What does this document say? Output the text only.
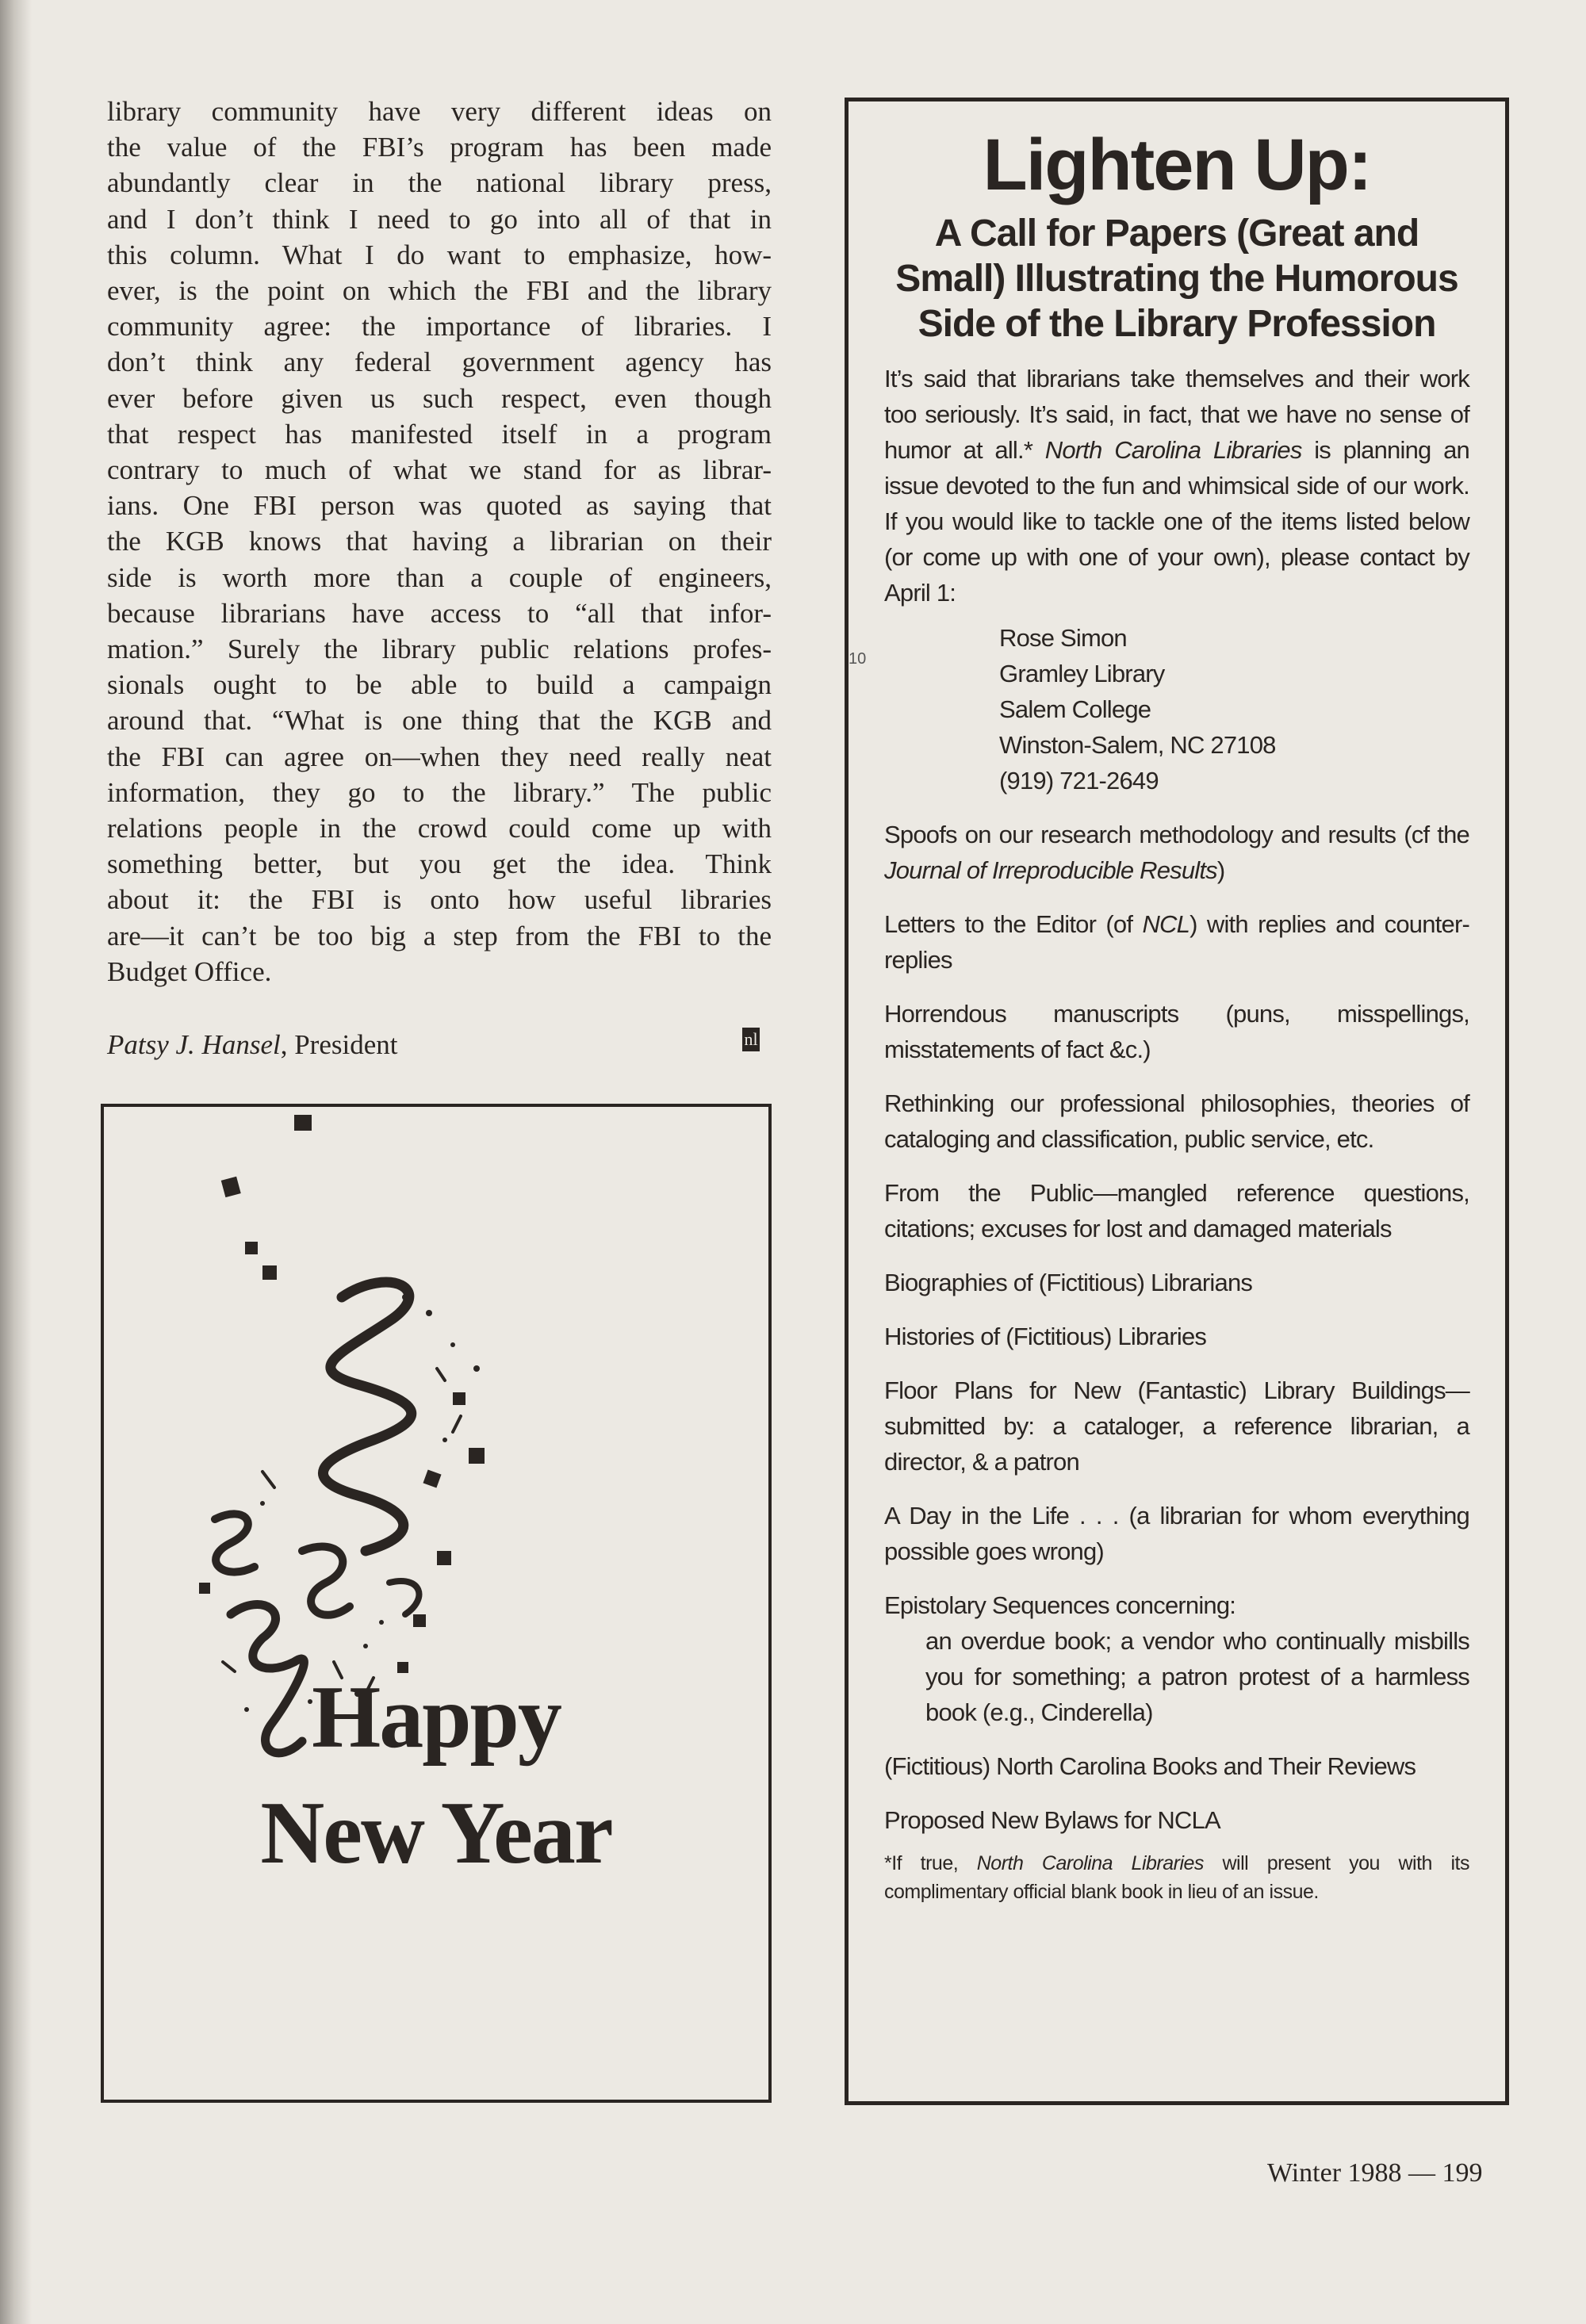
library community have very different ideas on
the value of the FBI’s program has been made
abundantly clear in the national library press,
and I don’t think I need to go into all of that in
this column. What I do want to emphasize, how-
ever, is the point on which the FBI and the library
community agree: the importance of libraries. I
don’t think any federal government agency has
ever before given us such respect, even though
that respect has manifested itself in a program
contrary to much of what we stand for as librar-
ians. One FBI person was quoted as saying that
the KGB knows that having a librarian on their
side is worth more than a couple of engineers,
because librarians have access to “all that infor-
mation.” Surely the library public relations profes-
sionals ought to be able to build a campaign
around that. “What is one thing that the KGB and
the FBI can agree on—when they need really neat
information, they go to the library.” The public
relations people in the crowd could come up with
something better, but you get the idea. Think
about it: the FBI is onto how useful libraries
are—it can’t be too big a step from the FBI to the
Budget Office.
Patsy J. Hansel, President	nl
Happy
New Year
10
Lighten Up:
A Call for Papers (Great and Small) Illustrating the Humorous Side of the Library Profession
It’s said that librarians take themselves and their work too seriously. It’s said, in fact, that we have no sense of humor at all.* North Carolina Libraries is planning an issue devoted to the fun and whimsical side of our work. If you would like to tackle one of the items listed below (or come up with one of your own), please contact by April 1:
Rose Simon
Gramley Library
Salem College
Winston-Salem, NC 27108
(919) 721-2649
Spoofs on our research methodology and results (cf the Journal of Irreproducible Results)
Letters to the Editor (of NCL) with replies and counter-replies
Horrendous manuscripts (puns, misspellings, misstatements of fact &c.)
Rethinking our professional philosophies, theories of cataloging and classification, public service, etc.
From the Public—mangled reference questions, citations; excuses for lost and damaged materials
Biographies of (Fictitious) Librarians
Histories of (Fictitious) Libraries
Floor Plans for New (Fantastic) Library Buildings—submitted by: a cataloger, a reference librarian, a director, & a patron
A Day in the Life . . . (a librarian for whom everything possible goes wrong)
Epistolary Sequences concerning:
an overdue book; a vendor who continually misbills you for something; a patron protest of a harmless book (e.g., Cinderella)
(Fictitious) North Carolina Books and Their Reviews
Proposed New Bylaws for NCLA
*If true, North Carolina Libraries will present you with its complimentary official blank book in lieu of an issue.
Winter 1988 — 199
